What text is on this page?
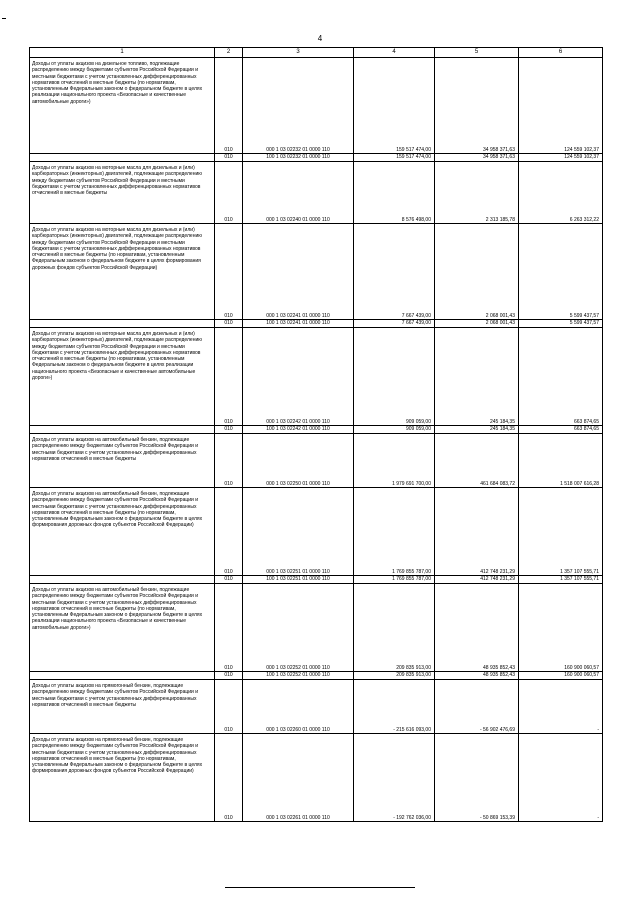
4
1	2	3	4	5	6
Доходы от уплаты акцизов на дизельное топливо, подлежащие распределению между бюджетами субъектов Российской Федерации и местными бюджетами с учетом установленных дифференцированных нормативов отчислений в местные бюджеты (по нормативам, установленным Федеральным законом о федеральном бюджете в целях реализации национального проекта «Безопасные и качественные автомобильные дороги»)	010	000 1 03 02232 01 0000 110	159 517 474,00	34 958 371,63	124 559 102,37
	010	100 1 03 02232 01 0000 110	159 517 474,00	34 958 371,63	124 559 102,37
Доходы от уплаты акцизов на моторные масла для дизельных и (или) карбюраторных (инжекторных) двигателей, подлежащие распределению между бюджетами субъектов Российской Федерации и местными бюджетами с учетом установленных дифференцированных нормативов отчислений в местные бюджеты	010	000 1 03 02240 01 0000 110	8 576 498,00	2 313 185,78	6 263 312,22
Доходы от уплаты акцизов на моторные масла для дизельных и (или) карбюраторных (инжекторных) двигателей, подлежащие распределению между бюджетами субъектов Российской Федерации и местными бюджетами с учетом установленных дифференцированных нормативов отчислений в местные бюджеты (по нормативам, установленным Федеральным законом о федеральном бюджете в целях формирования дорожных фондов субъектов Российской Федерации)	010	000 1 03 02241 01 0000 110	7 667 439,00	2 068 001,43	5 599 437,57
	010	100 1 03 02241 01 0000 110	7 667 439,00	2 068 001,43	5 599 437,57
Доходы от уплаты акцизов на моторные масла для дизельных и (или) карбюраторных (инжекторных) двигателей, подлежащие распределению между бюджетами субъектов Российской Федерации и местными бюджетами с учетом установленных дифференцированных нормативов отчислений в местные бюджеты (по нормативам, установленным Федеральным законом о федеральном бюджете в целях реализации национального проекта «Безопасные и качественные автомобильные дороги»)	010	000 1 03 02242 01 0000 110	909 059,00	245 184,35	663 874,65
	010	100 1 03 02242 01 0000 110	909 059,00	245 184,35	663 874,65
Доходы от уплаты акцизов на автомобильный бензин, подлежащие распределению между бюджетами субъектов Российской Федерации и местными бюджетами с учетом установленных дифференцированных нормативов отчислений в местные бюджеты	010	000 1 03 02250 01 0000 110	1 979 691 700,00	461 684 083,72	1 518 007 616,28
Доходы от уплаты акцизов на автомобильный бензин, подлежащие распределению между бюджетами субъектов Российской Федерации и местными бюджетами с учетом установленных дифференцированных нормативов отчислений в местные бюджеты (по нормативам, установленным Федеральным законом о федеральном бюджете в целях формирования дорожных фондов субъектов Российской Федерации)	010	000 1 03 02251 01 0000 110	1 769 855 787,00	412 748 231,29	1 357 107 555,71
	010	100 1 03 02251 01 0000 110	1 769 855 787,00	412 748 231,29	1 357 107 555,71
Доходы от уплаты акцизов на автомобильный бензин, подлежащие распределению между бюджетами субъектов Российской Федерации и местными бюджетами с учетом установленных дифференцированных нормативов отчислений в местные бюджеты (по нормативам, установленным Федеральным законом о федеральном бюджете в целях реализации национального проекта «Безопасные и качественные автомобильные дороги»)	010	000 1 03 02252 01 0000 110	209 835 913,00	48 935 852,43	160 900 060,57
	010	100 1 03 02252 01 0000 110	209 835 913,00	48 935 852,43	160 900 060,57
Доходы от уплаты акцизов на прямогонный бензин, подлежащие распределению между бюджетами субъектов Российской Федерации и местными бюджетами с учетом установленных дифференцированных нормативов отчислений в местные бюджеты	010	000 1 03 02260 01 0000 110	- 215 616 093,00	- 56 902 476,69	-
Доходы от уплаты акцизов на прямогонный бензин, подлежащие распределению между бюджетами субъектов Российской Федерации и местными бюджетами с учетом установленных дифференцированных нормативов отчислений в местные бюджеты (по нормативам, установленным Федеральным законом о федеральном бюджете в целях формирования дорожных фондов субъектов Российской Федерации)	010	000 1 03 02261 01 0000 110	- 192 762 036,00	- 50 869 153,39	-
